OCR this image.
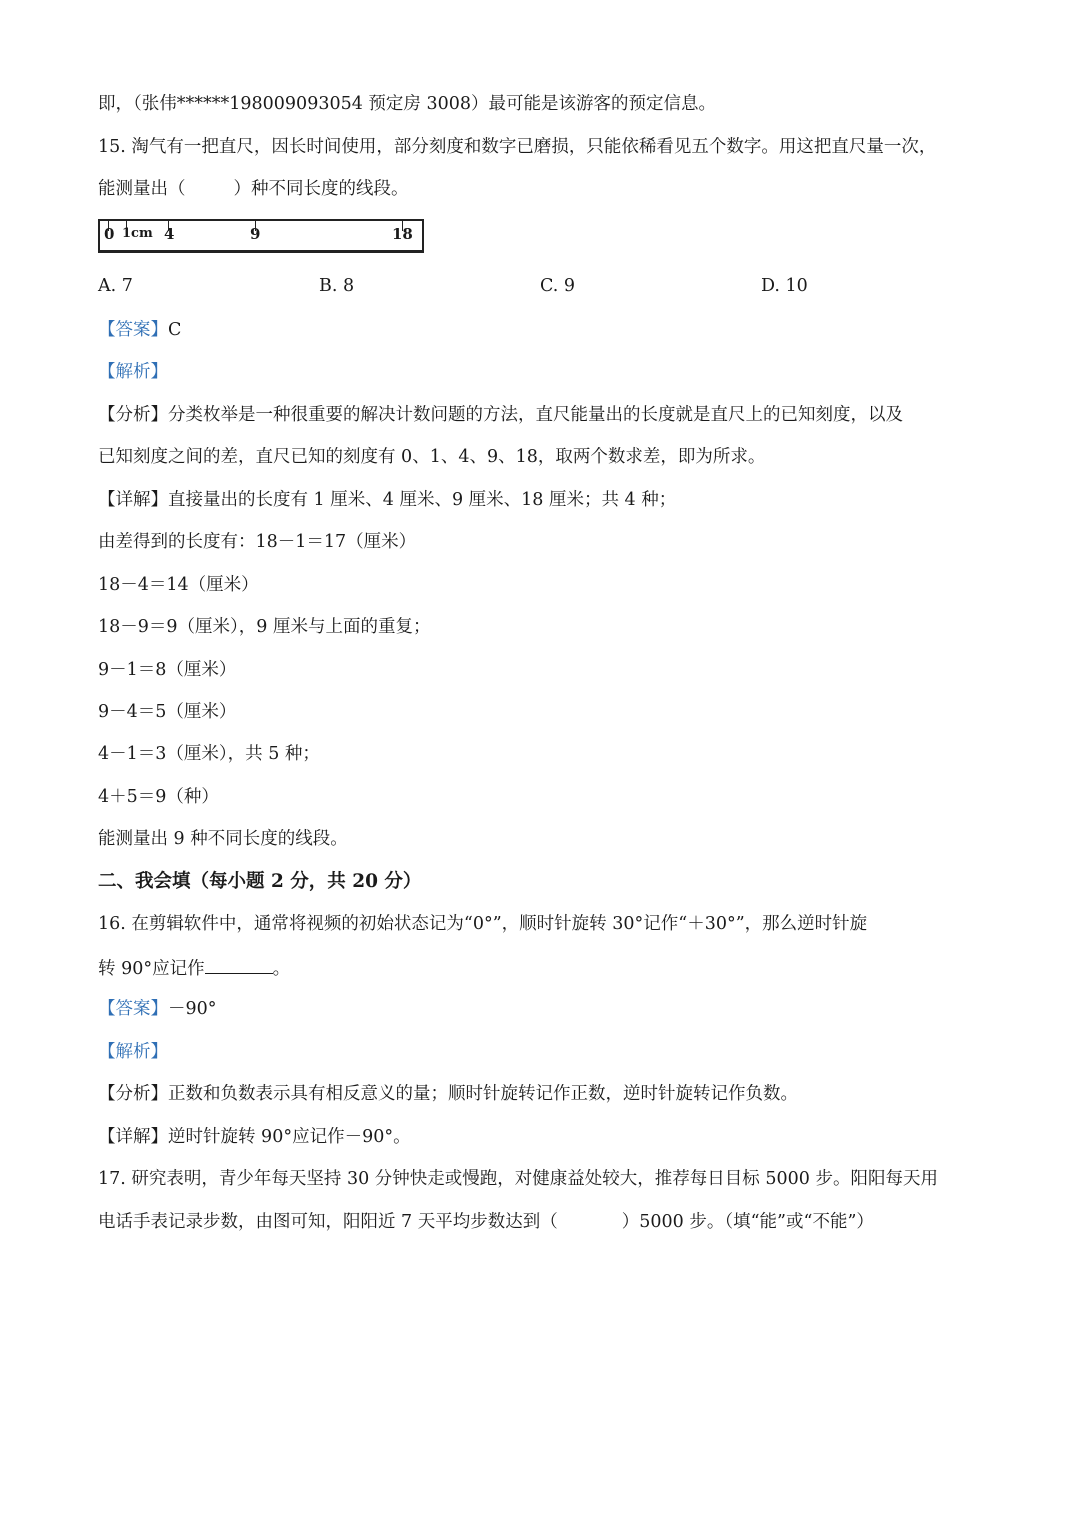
即，（张伟******198009093054 预定房 3008）最可能是该游客的预定信息。
15. 淘气有一把直尺，因长时间使用，部分刻度和数字已磨损，只能依稀看见五个数字。用这把直尺量一次，
能测量出（	）种不同长度的线段。
0 1cm 4	9	18
A. 7	B. 8	C. 9	D. 10
【答案】C
【解析】
【分析】分类枚举是一种很重要的解决计数问题的方法，直尺能量出的长度就是直尺上的已知刻度，以及
已知刻度之间的差，直尺已知的刻度有 0、1、4、9、18，取两个数求差，即为所求。
【详解】直接量出的长度有 1 厘米、4 厘米、9 厘米、18 厘米；共 4 种；
由差得到的长度有：18－1＝17（厘米）
18－4＝14（厘米）
18－9＝9（厘米），9 厘米与上面的重复；
9－1＝8（厘米）
9－4＝5（厘米）
4－1＝3（厘米），共 5 种；
4＋5＝9（种）
能测量出 9 种不同长度的线段。
二、我会填（每小题 2 分，共 20 分）
16. 在剪辑软件中，通常将视频的初始状态记为“0°”，顺时针旋转 30°记作“＋30°”，那么逆时针旋
转 90°应记作	。
【答案】－90°
【解析】
【分析】正数和负数表示具有相反意义的量；顺时针旋转记作正数，逆时针旋转记作负数。
【详解】逆时针旋转 90°应记作－90°。
17. 研究表明，青少年每天坚持 30 分钟快走或慢跑，对健康益处较大，推荐每日目标 5000 步。阳阳每天用
电话手表记录步数，由图可知，阳阳近 7 天平均步数达到（	）5000 步。（填“能”或“不能”）
